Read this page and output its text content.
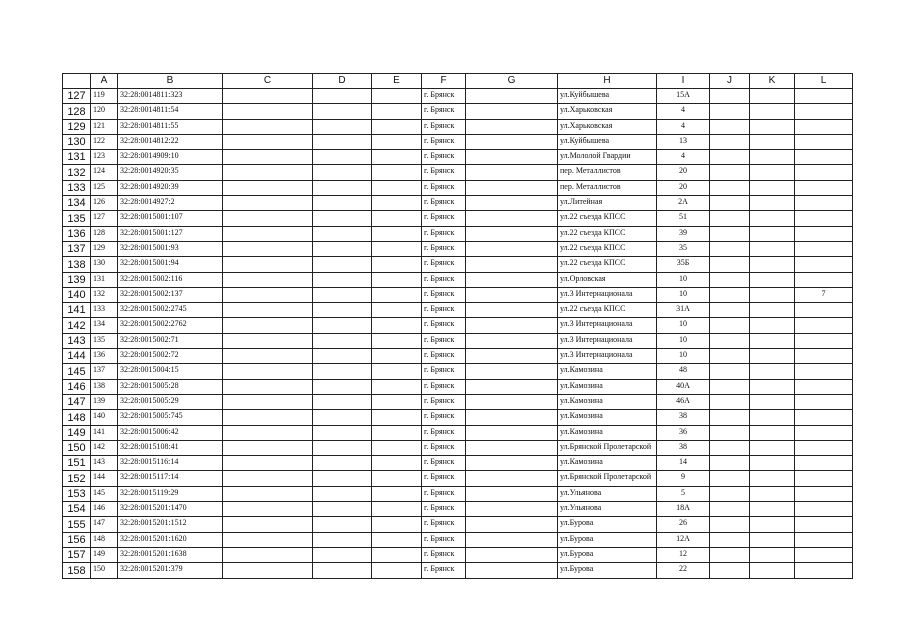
	A	B	C	D	E	F	G	H	I	J	K	L
127	119	32:28:0014811:323				г. Брянск		ул.Куйбышева	15А			
128	120	32:28:0014811:54				г. Брянск		ул.Харьковская	4			
129	121	32:28:0014811:55				г. Брянск		ул.Харьковская	4			
130	122	32:28:0014812:22				г. Брянск		ул.Куйбышева	13			
131	123	32:28:0014909:10				г. Брянск		ул.Мололой Гвардии	4			
132	124	32:28:0014920:35				г. Брянск		пер. Металлистов	20			
133	125	32:28:0014920:39				г. Брянск		пер. Металлистов	20			
134	126	32:28:0014927:2				г. Брянск		ул.Литейная	2А			
135	127	32:28:0015001:107				г. Брянск		ул.22 съезда КПСС	51			
136	128	32:28:0015001:127				г. Брянск		ул.22 съезда КПСС	39			
137	129	32:28:0015001:93				г. Брянск		ул.22 съезда КПСС	35			
138	130	32:28:0015001:94				г. Брянск		ул.22 съезда КПСС	35Б			
139	131	32:28:0015002:116				г. Брянск		ул.Орловская	10			
140	132	32:28:0015002:137				г. Брянск		ул.3 Интернационала	10			7
141	133	32:28:0015002:2745				г. Брянск		ул.22 съезда КПСС	31А			
142	134	32:28:0015002:2762				г. Брянск		ул.3 Интернационала	10			
143	135	32:28:0015002:71				г. Брянск		ул.3 Интернационала	10			
144	136	32:28:0015002:72				г. Брянск		ул.3 Интернационала	10			
145	137	32:28:0015004:15				г. Брянск		ул.Камозина	48			
146	138	32:28:0015005:28				г. Брянск		ул.Камозина	40А			
147	139	32:28:0015005:29				г. Брянск		ул.Камозина	46А			
148	140	32:28:0015005:745				г. Брянск		ул.Камозина	38			
149	141	32:28:0015006:42				г. Брянск		ул.Камозина	36			
150	142	32:28:0015108:41				г. Брянск		ул.Брянской Пролетарской	38			
151	143	32:28:0015116:14				г. Брянск		ул.Камозина	14			
152	144	32:28:0015117:14				г. Брянск		ул.Брянской Пролетарской	9			
153	145	32:28:0015119:29				г. Брянск		ул.Ульянова	5			
154	146	32:28:0015201:1470				г. Брянск		ул.Ульянова	18А			
155	147	32:28:0015201:1512				г. Брянск		ул.Бурова	26			
156	148	32:28:0015201:1620				г. Брянск		ул.Бурова	12А			
157	149	32:28:0015201:1638				г. Брянск		ул.Бурова	12			
158	150	32:28:0015201:379				г. Брянск		ул.Бурова	22			
